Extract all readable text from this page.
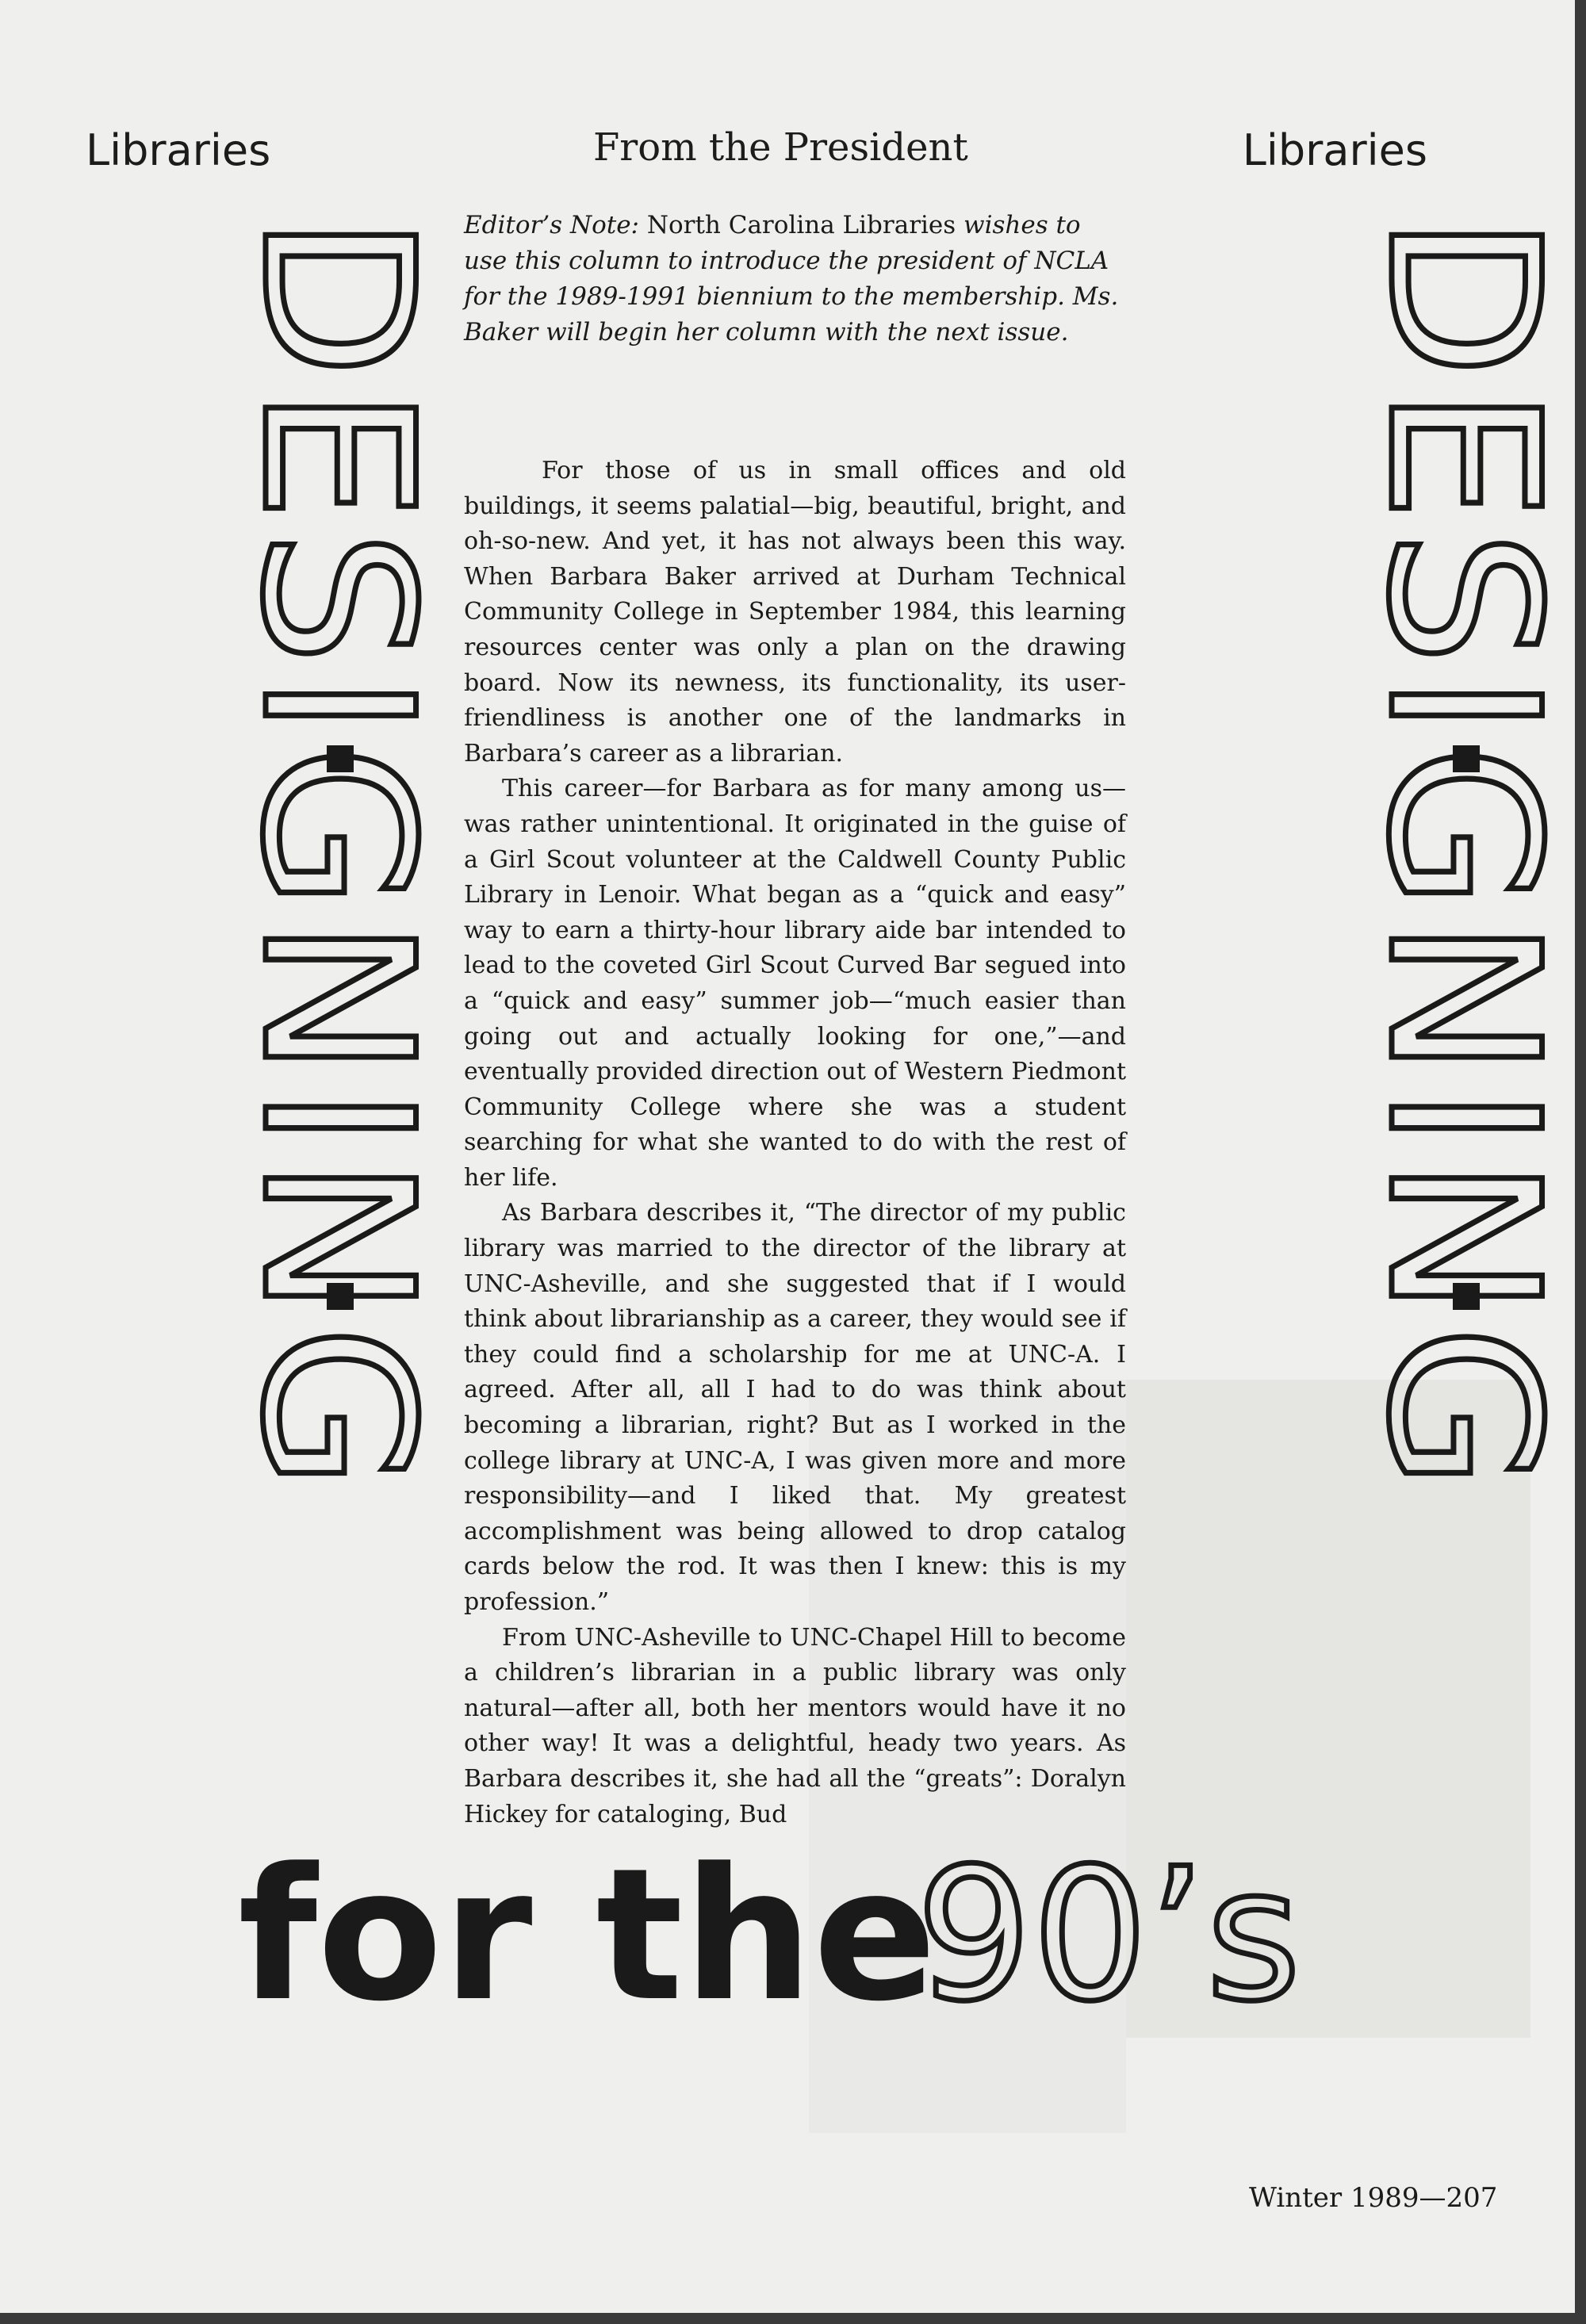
Libraries	From the President	Libraries
DESIGNING	DESIGNING
Editor’s Note: North Carolina Libraries wishes to use this column to introduce the president of NCLA for the 1989-1991 biennium to the membership. Ms. Baker will begin her column with the next issue.

For those of us in small offices and old buildings, it seems palatial—big, beautiful, bright, and oh-so-new. And yet, it has not always been this way. When Barbara Baker arrived at Durham Technical Community College in September 1984, this learning resources center was only a plan on the drawing board. Now its newness, its functionality, its user-friendliness is another one of the landmarks in Barbara’s career as a librarian.

This career—for Barbara as for many among us—was rather unintentional. It originated in the guise of a Girl Scout volunteer at the Caldwell County Public Library in Lenoir. What began as a “quick and easy” way to earn a thirty-hour library aide bar intended to lead to the coveted Girl Scout Curved Bar segued into a “quick and easy” summer job—“much easier than going out and actually looking for one,”—and eventually provided direction out of Western Piedmont Community College where she was a student searching for what she wanted to do with the rest of her life.

As Barbara describes it, “The director of my public library was married to the director of the library at UNC-Asheville, and she suggested that if I would think about librarianship as a career, they would see if they could find a scholarship for me at UNC-A. I agreed. After all, all I had to do was think about becoming a librarian, right? But as I worked in the college library at UNC-A, I was given more and more responsibility—and I liked that. My greatest accomplishment was being allowed to drop catalog cards below the rod. It was then I knew: this is my profession.”

From UNC-Asheville to UNC-Chapel Hill to become a children’s librarian in a public library was only natural—after all, both her mentors would have it no other way! It was a delightful, heady two years. As Barbara describes it, she had all the “greats”: Doralyn Hickey for cataloging, Bud

for the
90’s
Winter 1989—207
